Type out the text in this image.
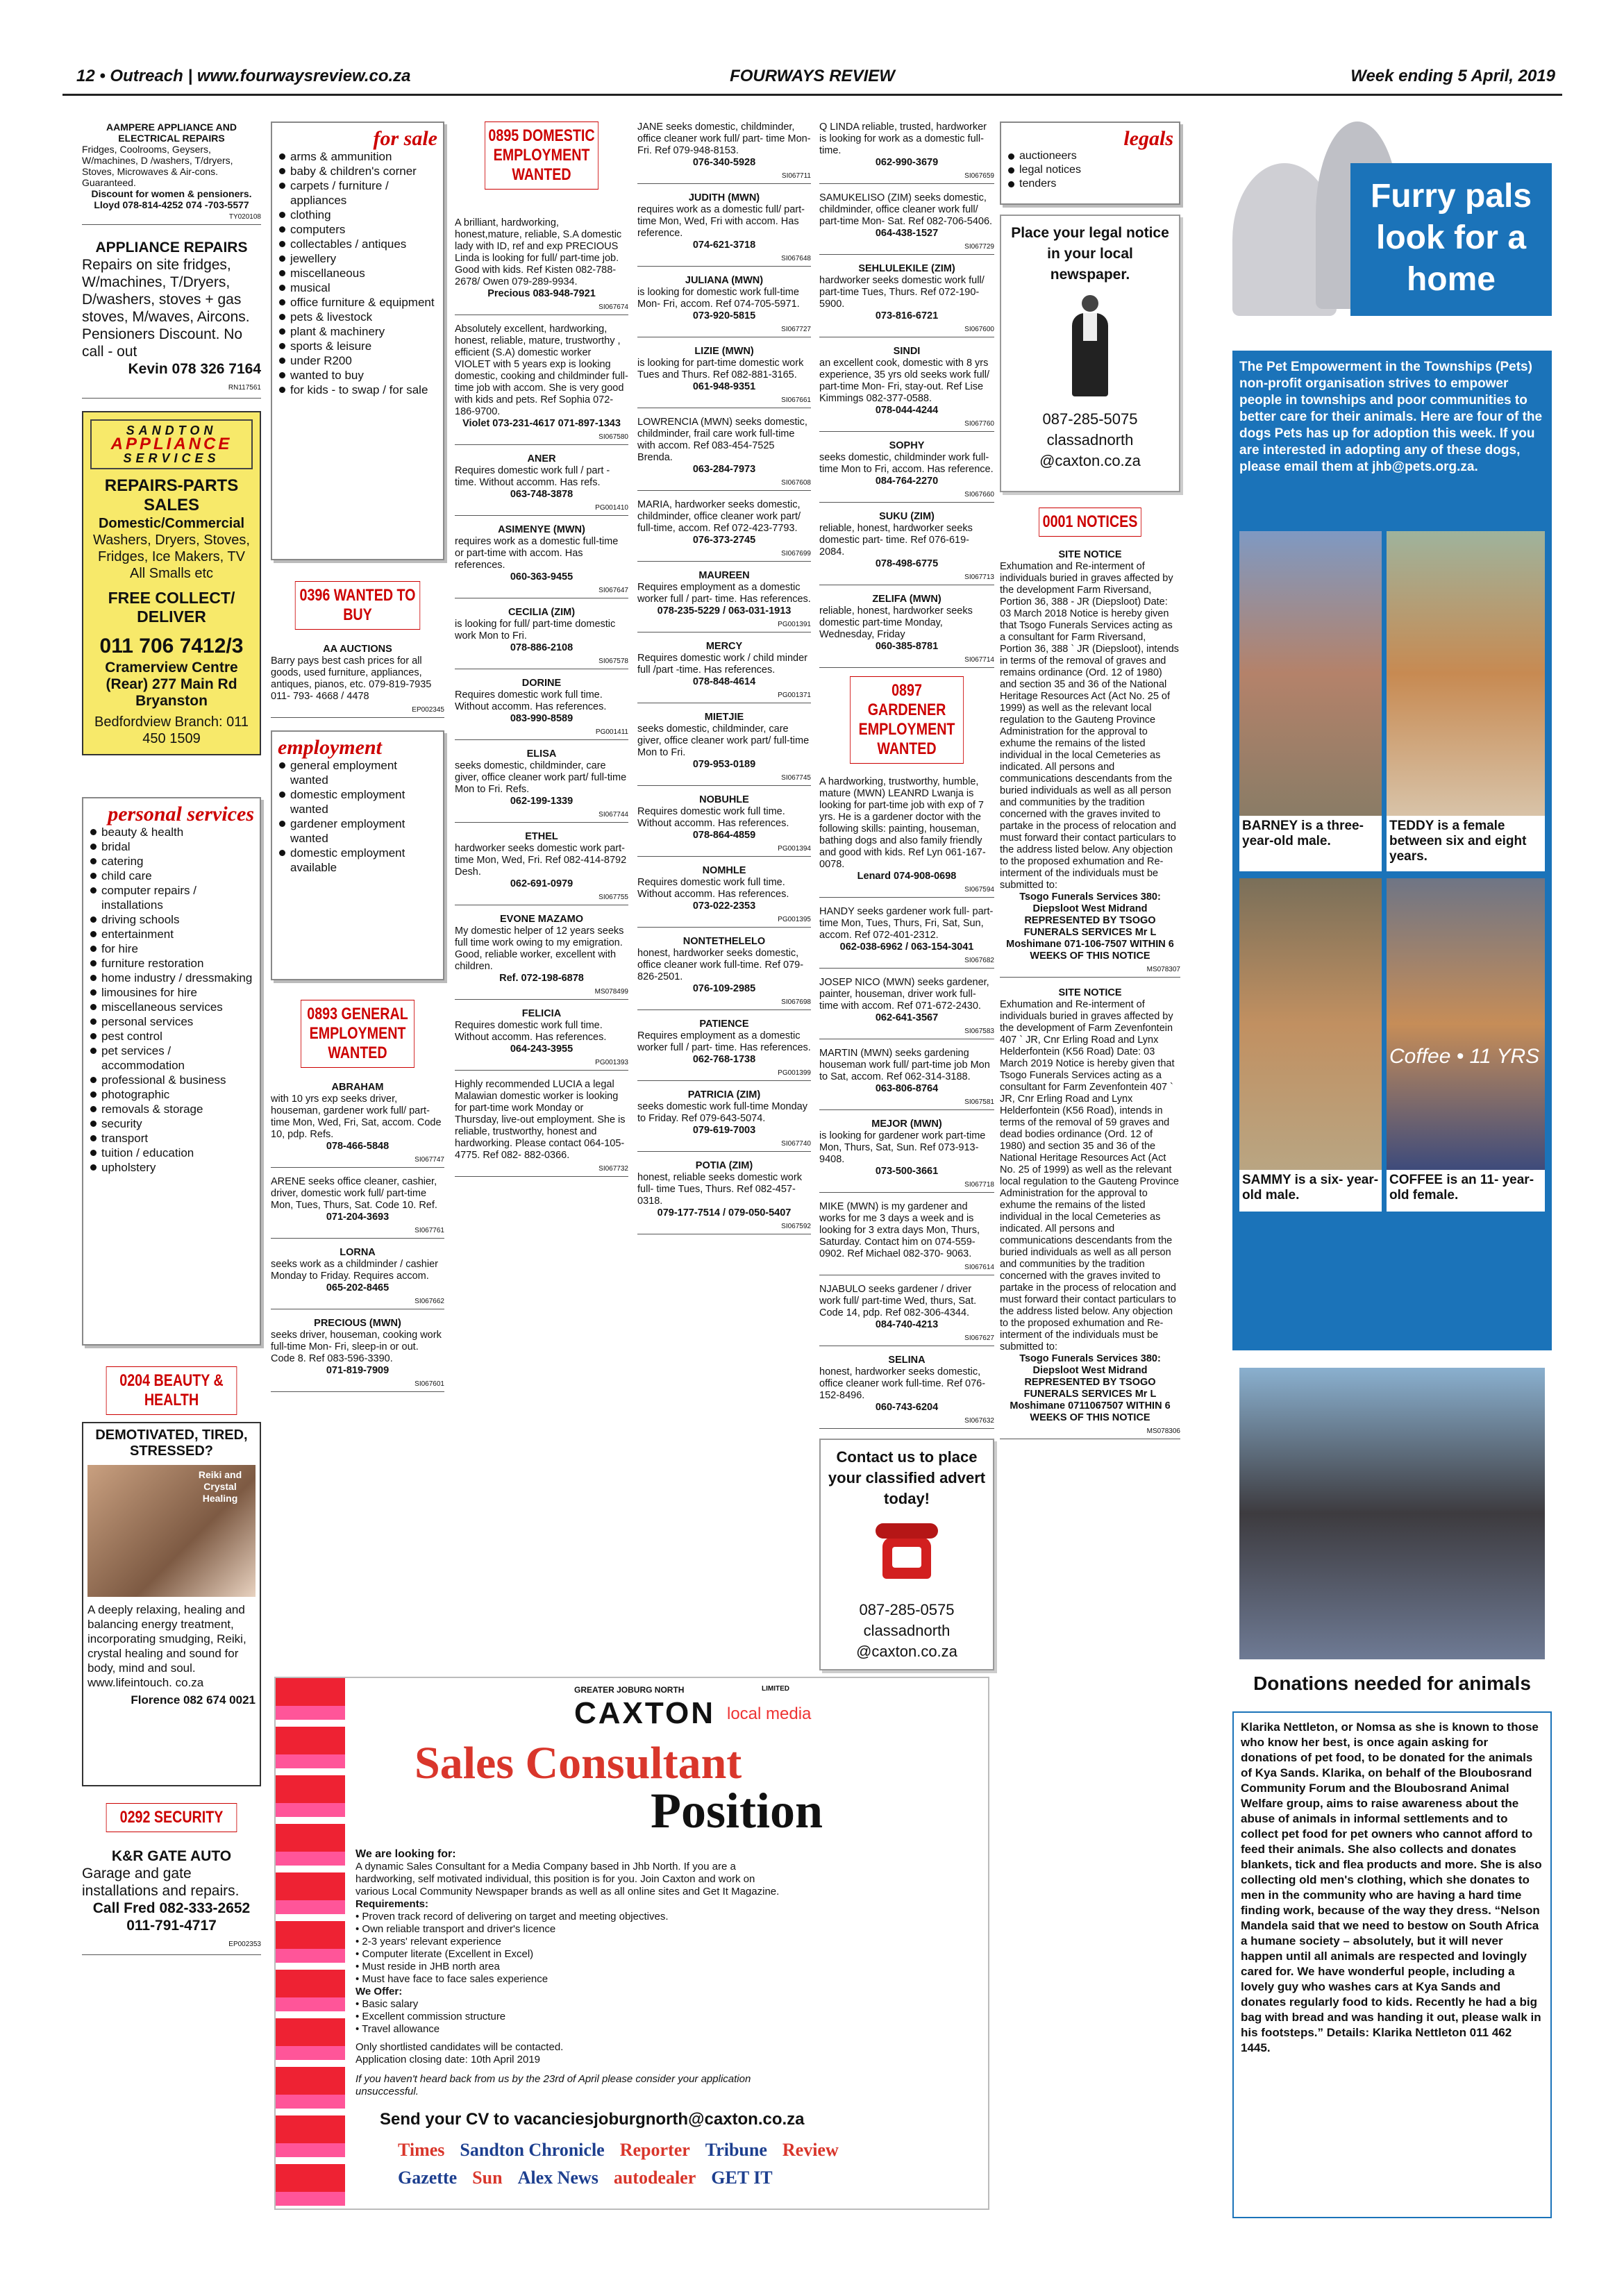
12 • Outreach | www.fourwaysreview.co.za	FOURWAYS REVIEW	Week ending 5 April, 2019
AAMPERE APPLIANCE AND ELECTRICAL REPAIRS
Fridges, Coolrooms, Geysers, W/machines, D /washers, T/dryers, Stoves, Microwaves & Air-cons. Guaranteed.
Discount for women & pensioners.
Lloyd 078-814-4252 074 -703-5577
TY020108
APPLIANCE REPAIRS
Repairs on site fridges, W/machines, T/Dryers, D/washers, stoves + gas stoves, M/waves, Aircons. Pensioners Discount. No call - out
Kevin 078 326 7164
RN117561
SANDTON
APPLIANCE
SERVICES
REPAIRS-PARTS SALES
Domestic/Commercial
Washers, Dryers, Stoves, Fridges, Ice Makers, TV All Smalls etc
FREE COLLECT/ DELIVER
011 706 7412/3
Cramerview Centre (Rear) 277 Main Rd Bryanston
Bedfordview Branch: 011 450 1509
personal services
beauty & health
bridal
catering
child care
computer repairs / installations
driving schools
entertainment
for hire
furniture restoration
home industry / dressmaking
limousines for hire
miscellaneous services
personal services
pest control
pet services / accommodation
professional & business
photographic
removals & storage
security
transport
tuition / education
upholstery
0204 BEAUTY & HEALTH
DEMOTIVATED, TIRED, STRESSED?
Reiki and Crystal Healing
A deeply relaxing, healing and balancing energy treatment, incorporating smudging, Reiki, crystal healing and sound for body, mind and soul. www.lifeintouch. co.za
Florence 082 674 0021
0292 SECURITY
K&R GATE AUTO
Garage and gate installations and repairs.
Call Fred 082-333-2652 011-791-4717
EP002353
for sale
arms & ammunition
baby & children's corner
carpets / furniture / appliances
clothing
computers
collectables / antiques
jewellery
miscellaneous
musical
office furniture & equipment
pets & livestock
plant & machinery
sports & leisure
under R200
wanted to buy
for kids - to swap / for sale
0396 WANTED TO BUY
AA AUCTIONS
Barry pays best cash prices for all goods, used furniture, appliances, antiques, pianos, etc. 079-819-7935 011- 793- 4668 / 4478
EP002345
employment
general employment wanted
domestic employment wanted
gardener employment wanted
domestic employment available
0893 GENERAL EMPLOYMENT WANTED
ABRAHAM
with 10 yrs exp seeks driver, houseman, gardener work full/ part-time Mon, Wed, Fri, Sat, accom. Code 10, pdp. Refs.
078-466-5848
SI067747
ARENE seeks office cleaner, cashier, driver, domestic work full/ part-time Mon, Tues, Thurs, Sat. Code 10. Ref.
071-204-3693
SI067761
LORNA
seeks work as a childminder / cashier Monday to Friday. Requires accom.
065-202-8465
SI067662
PRECIOUS (MWN)
seeks driver, houseman, cooking work full-time Mon- Fri, sleep-in or out. Code 8. Ref 083-596-3390.
071-819-7909
SI067601
0895 DOMESTIC EMPLOYMENT WANTED
A brilliant, hardworking, honest,mature, reliable, S.A domestic lady with ID, ref and exp PRECIOUS Linda is looking for full/ part-time job. Good with kids. Ref Kisten 082-788-2678/ Owen 079-289-9934.
Precious 083-948-7921
SI067674
Absolutely excellent, hardworking, honest, reliable, mature, trustworthy , efficient (S.A) domestic worker VIOLET with 5 years exp is looking domestic, cooking and childminder full-time job with accom. She is very good with kids and pets. Ref Sophia 072-186-9700.
Violet 073-231-4617 071-897-1343
SI067580
ANER
Requires domestic work full / part - time. Without accomm. Has refs.
063-748-3878
PG001410
ASIMENYE (MWN)
requires work as a domestic full-time or part-time with accom. Has references.
060-363-9455
SI067647
CECILIA (ZIM)
is looking for full/ part-time domestic work Mon to Fri.
078-886-2108
SI067578
DORINE
Requires domestic work full time. Without accomm. Has references.
083-990-8589
PG001411
ELISA
seeks domestic, childminder, care giver, office cleaner work part/ full-time Mon to Fri. Refs.
062-199-1339
SI067744
ETHEL
hardworker seeks domestic work part-time Mon, Wed, Fri. Ref 082-414-8792 Desh.
062-691-0979
SI067755
EVONE MAZAMO
My domestic helper of 12 years seeks full time work owing to my emigration. Good, reliable worker, excellent with children.
Ref. 072-198-6878
MS078499
FELICIA
Requires domestic work full time. Without accomm. Has references.
064-243-3955
PG001393
Highly recommended LUCIA a legal Malawian domestic worker is looking for part-time work Monday or Thursday, live-out employment. She is reliable, trustworthy, honest and hardworking. Please contact 064-105-4775. Ref 082- 882-0366.
SI067732
JANE seeks domestic, childminder, office cleaner work full/ part- time Mon- Fri. Ref 079-948-8153.
076-340-5928
SI067711
JUDITH (MWN)
requires work as a domestic full/ part-time Mon, Wed, Fri with accom. Has reference.
074-621-3718
SI067648
JULIANA (MWN)
is looking for domestic work full-time Mon- Fri, accom. Ref 074-705-5971.
073-920-5815
SI067727
LIZIE (MWN)
is looking for part-time domestic work Tues and Thurs. Ref 082-881-3165.
061-948-9351
SI067661
LOWRENCIA (MWN) seeks domestic, childminder, frail care work full-time with accom. Ref 083-454-7525 Brenda.
063-284-7973
SI067608
MARIA, hardworker seeks domestic, childminder, office cleaner work part/ full-time, accom. Ref 072-423-7793.
076-373-2745
SI067699
MAUREEN
Requires employment as a domestic worker full / part- time. Has references.
078-235-5229 / 063-031-1913
PG001391
MERCY
Requires domestic work / child minder full /part -time. Has references.
078-848-4614
PG001371
MIETJIE
seeks domestic, childminder, care giver, office cleaner work part/ full-time Mon to Fri.
079-953-0189
SI067745
NOBUHLE
Requires domestic work full time. Without accomm. Has references.
078-864-4859
PG001394
NOMHLE
Requires domestic work full time. Without accomm. Has references.
073-022-2353
PG001395
NONTETHELELO
honest, hardworker seeks domestic, office cleaner work full-time. Ref 079-826-2501.
076-109-2985
SI067698
PATIENCE
Requires employment as a domestic worker full / part- time. Has references.
062-768-1738
PG001399
PATRICIA (ZIM)
seeks domestic work full-time Monday to Friday. Ref 079-643-5074.
079-619-7003
SI067740
POTIA (ZIM)
honest, reliable seeks domestic work full- time Tues, Thurs. Ref 082-457-0318.
079-177-7514 / 079-050-5407
SI067592
Q LINDA reliable, trusted, hardworker is looking for work as a domestic full-time.
062-990-3679
SI067659
SAMUKELISO (ZIM) seeks domestic, childminder, office cleaner work full/ part-time Mon- Sat. Ref 082-706-5406.
064-438-1527
SI067729
SEHLULEKILE (ZIM)
hardworker seeks domestic work full/ part-time Tues, Thurs. Ref 072-190-5900.
073-816-6721
SI067600
SINDI
an excellent cook, domestic with 8 yrs experience, 35 yrs old seeks work full/ part-time Mon- Fri, stay-out. Ref Lise Kimmings 082-377-0588.
078-044-4244
SI067760
SOPHY
seeks domestic, childminder work full-time Mon to Fri, accom. Has reference.
084-764-2270
SI067660
SUKU (ZIM)
reliable, honest, hardworker seeks domestic part- time. Ref 076-619-2084.
078-498-6775
SI067713
ZELIFA (MWN)
reliable, honest, hardworker seeks domestic part-time Monday, Wednesday, Friday
060-385-8781
SI067714
0897 GARDENER EMPLOYMENT WANTED
A hardworking, trustworthy, humble, mature (MWN) LEANRD Lwanja is looking for part-time job with exp of 7 yrs. He is a gardener doctor with the following skills: painting, houseman, bathing dogs and also family friendly and good with kids. Ref Lyn 061-167-0078.
Lenard 074-908-0698
SI067594
HANDY seeks gardener work full- part-time Mon, Tues, Thurs, Fri, Sat, Sun, accom. Ref 072-401-2312.
062-038-6962 / 063-154-3041
SI067682
JOSEP NICO (MWN) seeks gardener, painter, houseman, driver work full-time with accom. Ref 071-672-2430.
062-641-3567
SI067583
MARTIN (MWN) seeks gardening houseman work full/ part-time job Mon to Sat, accom. Ref 062-314-3188.
063-806-8764
SI067581
MEJOR (MWN)
is looking for gardener work part-time Mon, Thurs, Sat, Sun. Ref 073-913-9408.
073-500-3661
SI067718
MIKE (MWN) is my gardener and works for me 3 days a week and is looking for 3 extra days Mon, Thurs, Saturday. Contact him on 074-559-0902. Ref Michael 082-370- 9063.
SI067614
NJABULO seeks gardener / driver work full/ part-time Wed, thurs, Sat. Code 14, pdp. Ref 082-306-4344.
084-740-4213
SI067627
SELINA
honest, hardworker seeks domestic, office cleaner work full-time. Ref 076-152-8496.
060-743-6204
SI067632
Contact us to place your classified advert today!
087-285-0575
classadnorth @caxton.co.za
legals
auctioneers
legal notices
tenders
Place your legal notice in your local newspaper.
087-285-5075
classadnorth @caxton.co.za
0001 NOTICES
SITE NOTICE
Exhumation and Re-interment of individuals buried in graves affected by the development Farm Riversand, Portion 36, 388 - JR (Diepsloot) Date: 03 March 2018 Notice is hereby given that Tsogo Funerals Services acting as a consultant for Farm Riversand, Portion 36, 388 ` JR (Diepsloot), intends in terms of the removal of graves and remains ordinance (Ord. 12 of 1980) and section 35 and 36 of the National Heritage Resources Act (Act No. 25 of 1999) as well as the relevant local regulation to the Gauteng Province Administration for the approval to exhume the remains of the listed individual in the local Cemeteries as indicated. All persons and communications descendants from the buried individuals as well as all person and communities by the tradition concerned with the graves invited to partake in the process of relocation and must forward their contact particulars to the address listed below. Any objection to the proposed exhumation and Re-interment of the individuals must be submitted to:
Tsogo Funerals Services 380: Diepsloot West Midrand REPRESENTED BY TSOGO FUNERALS SERVICES Mr L Moshimane 071-106-7507 WITHIN 6 WEEKS OF THIS NOTICE
MS078307
SITE NOTICE
Exhumation and Re-interment of individuals buried in graves affected by the development of Farm Zevenfontein 407 ` JR, Cnr Erling Road and Lynx Helderfontein (K56 Road) Date: 03 March 2019 Notice is hereby given that Tsogo Funerals Services acting as a consultant for Farm Zevenfontein 407 ` JR, Cnr Erling Road and Lynx Helderfontein (K56 Road), intends in terms of the removal of 59 graves and dead bodies ordinance (Ord. 12 of 1980) and section 35 and 36 of the National Heritage Resources Act (Act No. 25 of 1999) as well as the relevant local regulation to the Gauteng Province Administration for the approval to exhume the remains of the listed individual in the local Cemeteries as indicated. All persons and communications descendants from the buried individuals as well as all person and communities by the tradition concerned with the graves invited to partake in the process of relocation and must forward their contact particulars to the address listed below. Any objection to the proposed exhumation and Re-interment of the individuals must be submitted to:
Tsogo Funerals Services 380: Diepsloot West Midrand REPRESENTED BY TSOGO FUNERALS SERVICES Mr L Moshimane 0711067507 WITHIN 6 WEEKS OF THIS NOTICE
MS078306
GREATER JOBURG NORTH
CAXTON local media
LIMITED
Sales Consultant
Position
We are looking for:
A dynamic Sales Consultant for a Media Company based in Jhb North. If you are a hardworking, self motivated individual, this position is for you. Join Caxton and work on various Local Community Newspaper brands as well as all online sites and Get It Magazine.
Requirements:
• Proven track record of delivering on target and meeting objectives.
• Own reliable transport and driver's licence
• 2-3 years' relevant experience
• Computer literate (Excellent in Excel)
• Must reside in JHB north area
• Must have face to face sales experience
We Offer:
• Basic salary
• Excellent commission structure
• Travel allowance
Only shortlisted candidates will be contacted.
Application closing date: 10th April 2019
If you haven't heard back from us by the 23rd of April please consider your application unsuccessful.
Send your CV to vacanciesjoburgnorth@caxton.co.za
Times Sandton Chronicle Reporter Tribune Review
Gazette Sun Alex News autodealer GET IT
Furry pals look for a home
The Pet Empowerment in the Townships (Pets) non-profit organisation strives to empower people in townships and poor communities to better care for their animals. Here are four of the dogs Pets has up for adoption this week. If you are interested in adopting any of these dogs, please email them at jhb@pets.org.za.
BARNEY is a three-year-old male.
TEDDY is a female between six and eight years.
Coffee • 11 YRS
SAMMY is a six- year-old male.
COFFEE is an 11- year-old female.
Donations needed for animals
Klarika Nettleton, or Nomsa as she is known to those who know her best, is once again asking for donations of pet food, to be donated for the animals of Kya Sands. Klarika, on behalf of the Bloubosrand Community Forum and the Bloubosrand Animal Welfare group, aims to raise awareness about the abuse of animals in informal settlements and to collect pet food for pet owners who cannot afford to feed their animals. She also collects and donates blankets, tick and flea products and more. She is also collecting old men's clothing, which she donates to men in the community who are having a hard time finding work, because of the way they dress. “Nelson Mandela said that we need to bestow on South Africa a humane society – absolutely, but it will never happen until all animals are respected and lovingly cared for. We have wonderful people, including a lovely guy who washes cars at Kya Sands and donates regularly food to kids. Recently he had a big bag with bread and was handing it out, please walk in his footsteps.” Details: Klarika Nettleton 011 462 1445.
